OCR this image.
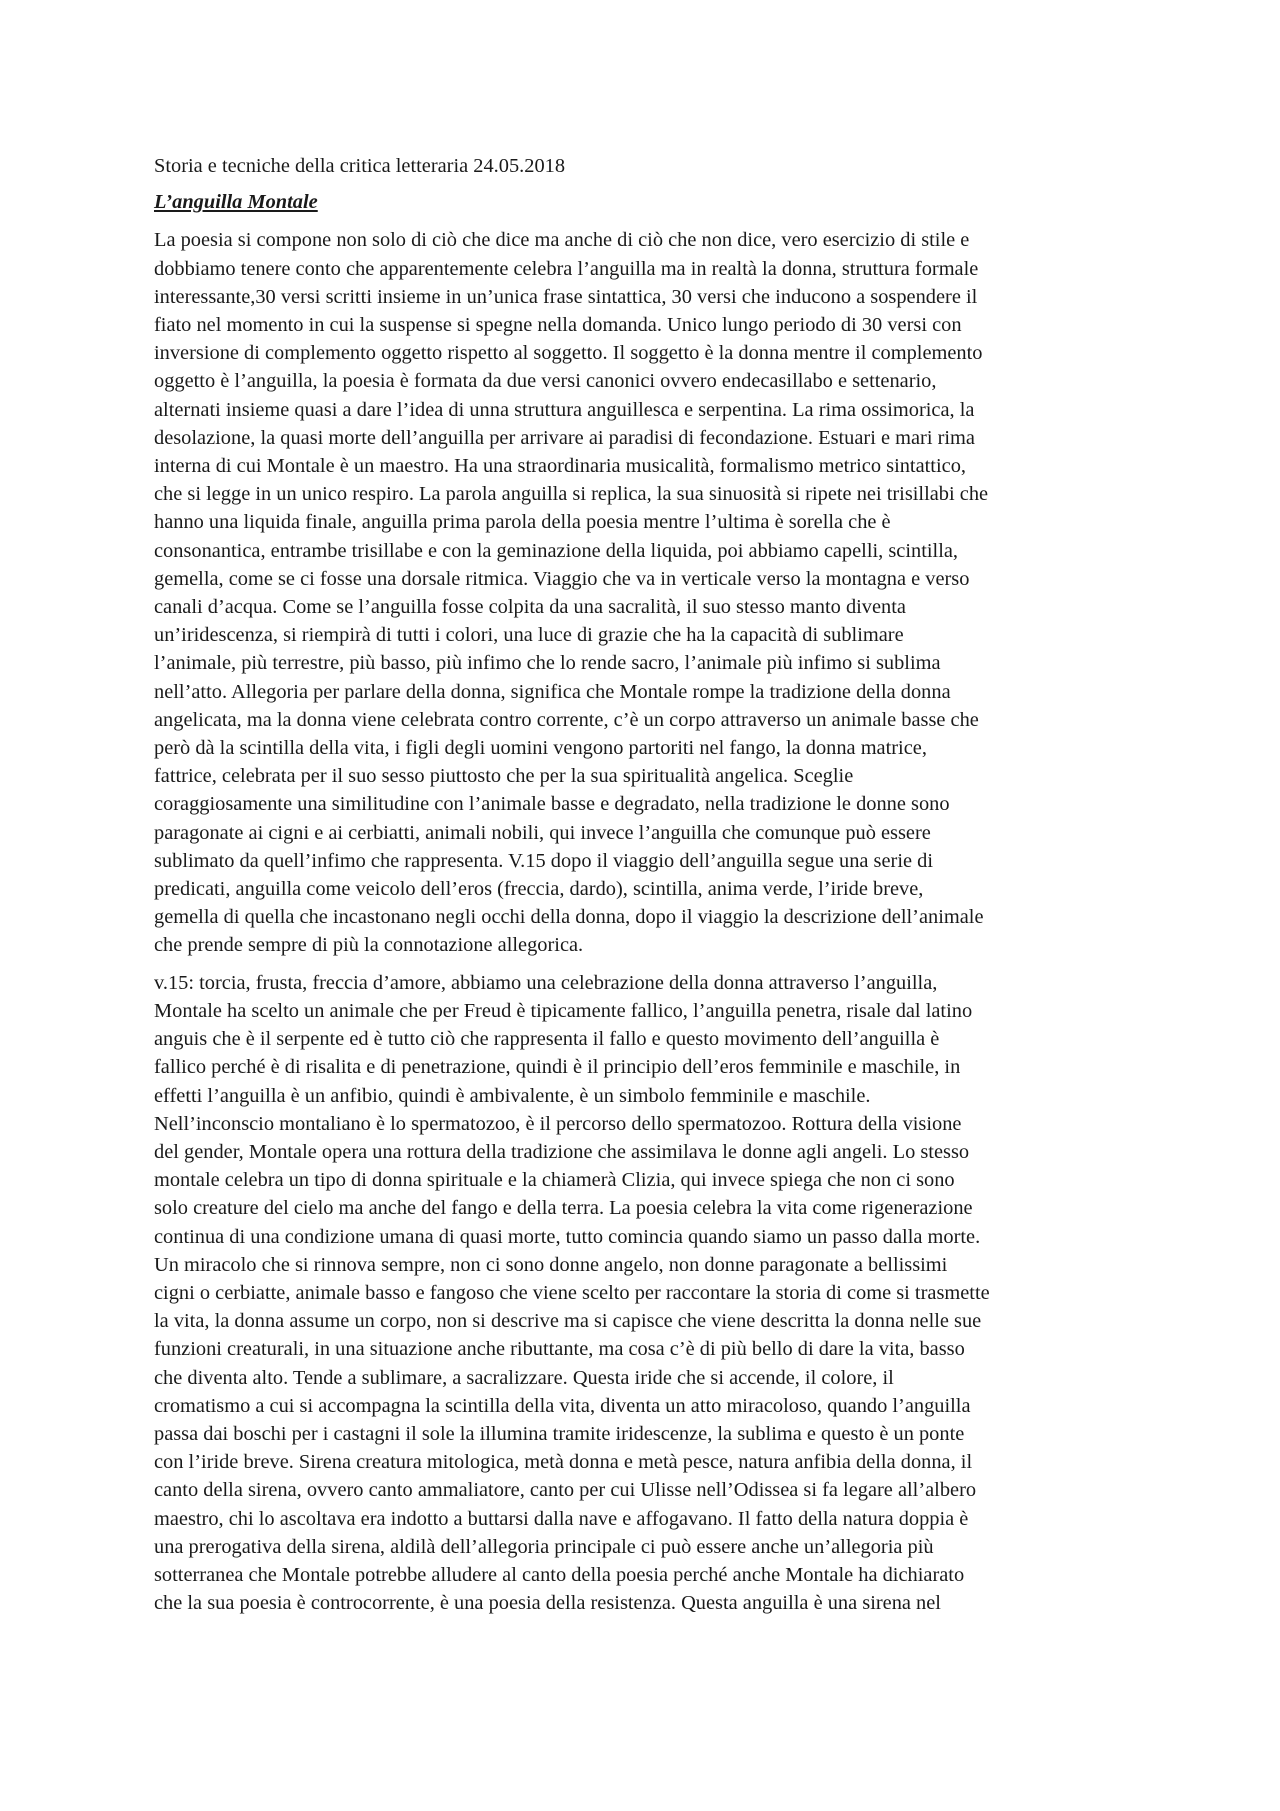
Storia e tecniche della critica letteraria 24.05.2018

L’anguilla Montale

La poesia si compone non solo di ciò che dice ma anche di ciò che non dice, vero esercizio di stile e
dobbiamo tenere conto che apparentemente celebra l’anguilla ma in realtà la donna, struttura formale
interessante,30 versi scritti insieme in un’unica frase sintattica, 30 versi che inducono a sospendere il
fiato nel momento in cui la suspense si spegne nella domanda. Unico lungo periodo di 30 versi con
inversione di complemento oggetto rispetto al soggetto. Il soggetto è la donna mentre il complemento
oggetto è l’anguilla, la poesia è formata da due versi canonici ovvero endecasillabo e settenario,
alternati insieme quasi a dare l’idea di unna struttura anguillesca e serpentina. La rima ossimorica, la
desolazione, la quasi morte dell’anguilla per arrivare ai paradisi di fecondazione. Estuari e mari rima
interna di cui Montale è un maestro. Ha una straordinaria musicalità, formalismo metrico sintattico,
che si legge in un unico respiro. La parola anguilla si replica, la sua sinuosità si ripete nei trisillabi che
hanno una liquida finale, anguilla prima parola della poesia mentre l’ultima è sorella che è
consonantica, entrambe trisillabe e con la geminazione della liquida, poi abbiamo capelli, scintilla,
gemella, come se ci fosse una dorsale ritmica. Viaggio che va in verticale verso la montagna e verso
canali d’acqua. Come se l’anguilla fosse colpita da una sacralità, il suo stesso manto diventa
un’iridescenza, si riempirà di tutti i colori, una luce di grazie che ha la capacità di sublimare
l’animale, più terrestre, più basso, più infimo che lo rende sacro, l’animale più infimo si sublima
nell’atto. Allegoria per parlare della donna, significa che Montale rompe la tradizione della donna
angelicata, ma la donna viene celebrata contro corrente, c’è un corpo attraverso un animale basse che
però dà la scintilla della vita, i figli degli uomini vengono partoriti nel fango, la donna matrice,
fattrice, celebrata per il suo sesso piuttosto che per la sua spiritualità angelica. Sceglie
coraggiosamente una similitudine con l’animale basse e degradato, nella tradizione le donne sono
paragonate ai cigni e ai cerbiatti, animali nobili, qui invece l’anguilla che comunque può essere
sublimato da quell’infimo che rappresenta. V.15 dopo il viaggio dell’anguilla segue una serie di
predicati, anguilla come veicolo dell’eros (freccia, dardo), scintilla, anima verde, l’iride breve,
gemella di quella che incastonano negli occhi della donna, dopo il viaggio la descrizione dell’animale
che prende sempre di più la connotazione allegorica.

v.15: torcia, frusta, freccia d’amore, abbiamo una celebrazione della donna attraverso l’anguilla,
Montale ha scelto un animale che per Freud è tipicamente fallico, l’anguilla penetra, risale dal latino
anguis che è il serpente ed è tutto ciò che rappresenta il fallo e questo movimento dell’anguilla è
fallico perché è di risalita e di penetrazione, quindi è il principio dell’eros femminile e maschile, in
effetti l’anguilla è un anfibio, quindi è ambivalente, è un simbolo femminile e maschile.
Nell’inconscio montaliano è lo spermatozoo, è il percorso dello spermatozoo. Rottura della visione
del gender, Montale opera una rottura della tradizione che assimilava le donne agli angeli. Lo stesso
montale celebra un tipo di donna spirituale e la chiamerà Clizia, qui invece spiega che non ci sono
solo creature del cielo ma anche del fango e della terra. La poesia celebra la vita come rigenerazione
continua di una condizione umana di quasi morte, tutto comincia quando siamo un passo dalla morte.
Un miracolo che si rinnova sempre, non ci sono donne angelo, non donne paragonate a bellissimi
cigni o cerbiatte, animale basso e fangoso che viene scelto per raccontare la storia di come si trasmette
la vita, la donna assume un corpo, non si descrive ma si capisce che viene descritta la donna nelle sue
funzioni creaturali, in una situazione anche ributtante, ma cosa c’è di più bello di dare la vita, basso
che diventa alto. Tende a sublimare, a sacralizzare. Questa iride che si accende, il colore, il
cromatismo a cui si accompagna la scintilla della vita, diventa un atto miracoloso, quando l’anguilla
passa dai boschi per i castagni il sole la illumina tramite iridescenze, la sublima e questo è un ponte
con l’iride breve. Sirena creatura mitologica, metà donna e metà pesce, natura anfibia della donna, il
canto della sirena, ovvero canto ammaliatore, canto per cui Ulisse nell’Odissea si fa legare all’albero
maestro, chi lo ascoltava era indotto a buttarsi dalla nave e affogavano. Il fatto della natura doppia è
una prerogativa della sirena, aldilà dell’allegoria principale ci può essere anche un’allegoria più
sotterranea che Montale potrebbe alludere al canto della poesia perché anche Montale ha dichiarato
che la sua poesia è controcorrente, è una poesia della resistenza. Questa anguilla è una sirena nel
